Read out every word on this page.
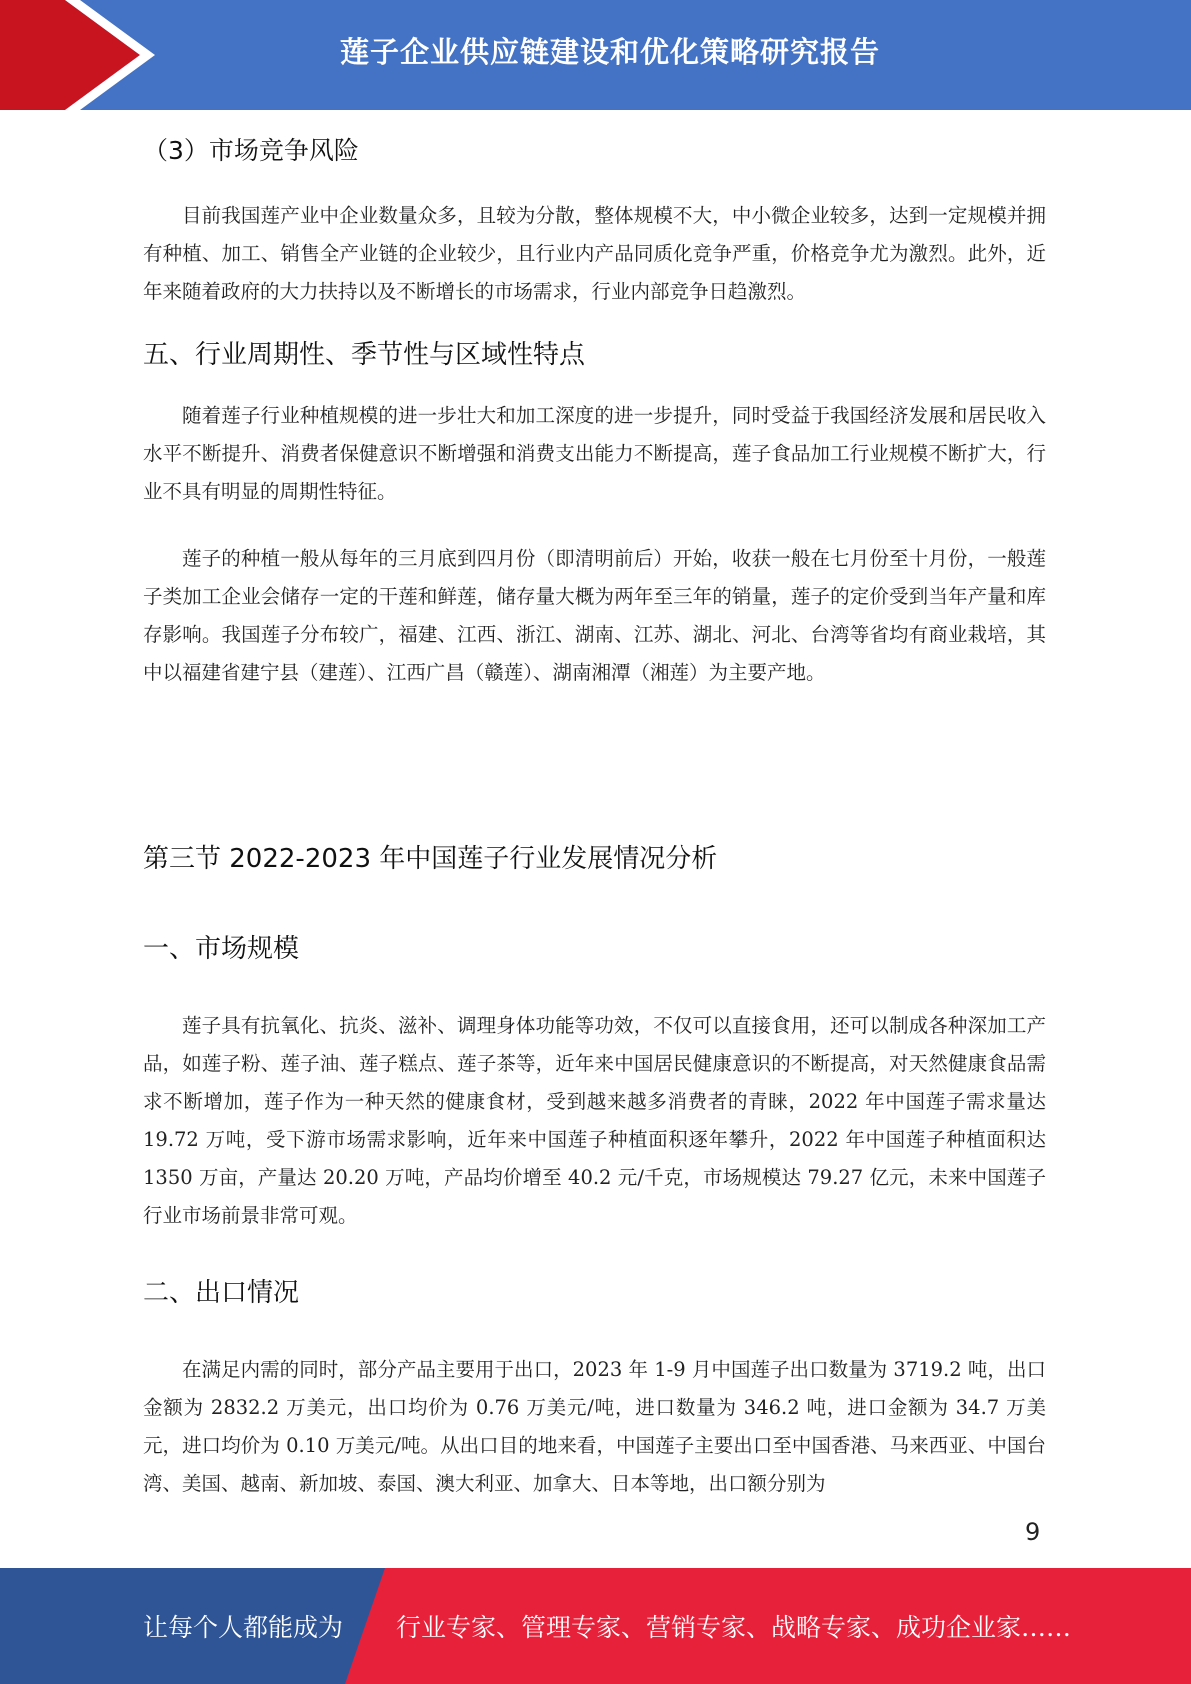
莲子企业供应链建设和优化策略研究报告
（3）市场竞争风险

目前我国莲产业中企业数量众多，且较为分散，整体规模不大，中小微企业较多，达到一定规模并拥有种植、加工、销售全产业链的企业较少，且行业内产品同质化竞争严重，价格竞争尤为激烈。此外，近年来随着政府的大力扶持以及不断增长的市场需求，行业内部竞争日趋激烈。

五、行业周期性、季节性与区域性特点

随着莲子行业种植规模的进一步壮大和加工深度的进一步提升，同时受益于我国经济发展和居民收入水平不断提升、消费者保健意识不断增强和消费支出能力不断提高，莲子食品加工行业规模不断扩大，行业不具有明显的周期性特征。

莲子的种植一般从每年的三月底到四月份（即清明前后）开始，收获一般在七月份至十月份，一般莲子类加工企业会储存一定的干莲和鲜莲，储存量大概为两年至三年的销量，莲子的定价受到当年产量和库存影响。我国莲子分布较广，福建、江西、浙江、湖南、江苏、湖北、河北、台湾等省均有商业栽培，其中以福建省建宁县（建莲）、江西广昌（赣莲）、湖南湘潭（湘莲）为主要产地。

第三节 2022-2023 年中国莲子行业发展情况分析
一、市场规模

莲子具有抗氧化、抗炎、滋补、调理身体功能等功效，不仅可以直接食用，还可以制成各种深加工产品，如莲子粉、莲子油、莲子糕点、莲子茶等，近年来中国居民健康意识的不断提高，对天然健康食品需求不断增加，莲子作为一种天然的健康食材，受到越来越多消费者的青睐，2022 年中国莲子需求量达 19.72 万吨，受下游市场需求影响，近年来中国莲子种植面积逐年攀升，2022 年中国莲子种植面积达 1350 万亩，产量达 20.20 万吨，产品均价增至 40.2 元/千克，市场规模达 79.27 亿元，未来中国莲子行业市场前景非常可观。

二、出口情况

在满足内需的同时，部分产品主要用于出口，2023 年 1-9 月中国莲子出口数量为 3719.2 吨，出口金额为 2832.2 万美元，出口均价为 0.76 万美元/吨，进口数量为 346.2 吨，进口金额为 34.7 万美元，进口均价为 0.10 万美元/吨。从出口目的地来看，中国莲子主要出口至中国香港、马来西亚、中国台湾、美国、越南、新加坡、泰国、澳大利亚、加拿大、日本等地，出口额分别为

9
让每个人都能成为 行业专家、管理专家、营销专家、战略专家、成功企业家……
